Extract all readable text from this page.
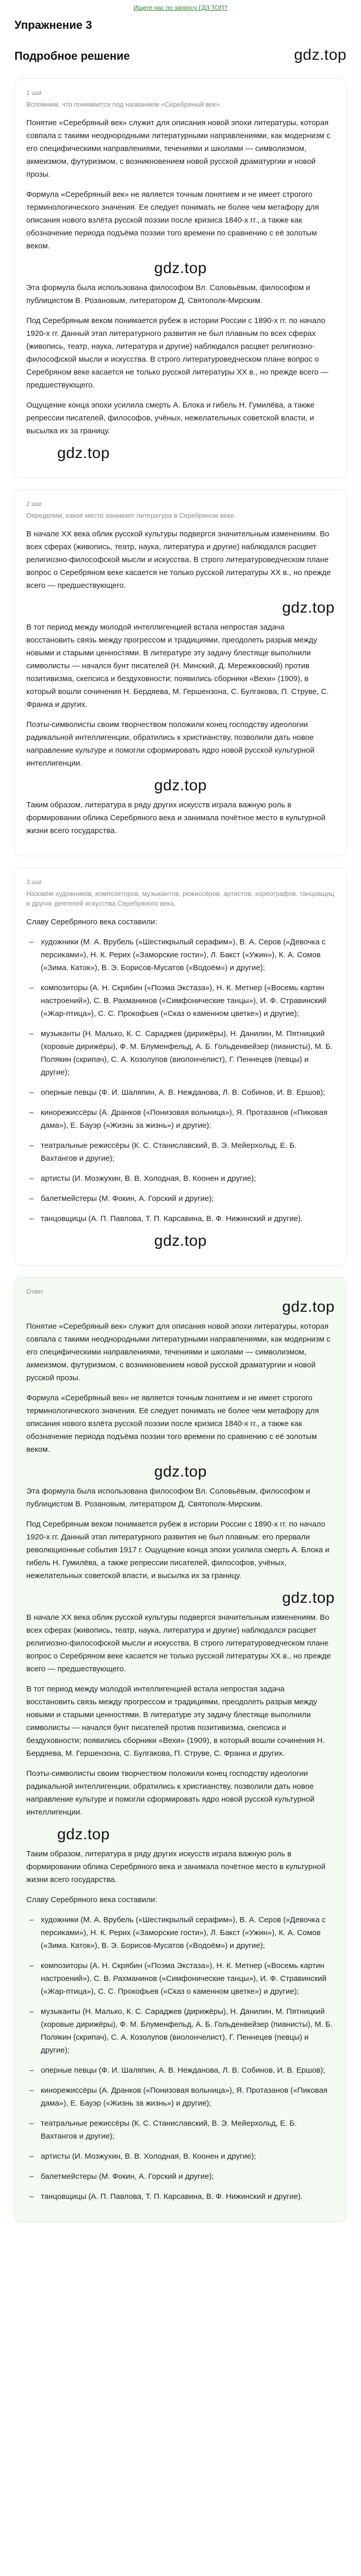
Ищете нас по запросу ГДЗ ТОП?
Упражнение 3
Подробное решение	gdz.top
1 шаг
Вспомним, что понимается под названием «Серебряный век».
Понятие «Серебряный век» служит для описания новой эпохи литературы, которая совпала с такими неоднородными литературными направлениями, как модернизм с его специфическими направлениями, течениями и школами — символизмом, акмеизмом, футуризмом, с возникновением новой русской драматургии и новой прозы.
Формула «Серебряный век» не является точным понятием и не имеет строгого терминологического значения. Ее следует понимать не более чем метафору для описания нового взлёта русской поэзии после кризиса 1840-х гг., а также как обозначение периода подъёма поэзии того времени по сравнению с её золотым веком.
gdz.top
Эта формула была использована философом Вл. Соловьёвым, философом и публицистом В. Розановым, литератором Д. Святополк-Мирским.
Под Серебряным веком понимается рубеж в истории России с 1890-х гг. по начало 1920-х гг. Данный этап литературного развития не был плавным по всех сферах (живопись, театр, наука, литература и другие) наблюдался расцвет религиозно-философской мысли и искусства. В строго литературоведческом плане вопрос о Серебряном веке касается не только русской литературы XX в., но прежде всего — предшествующего.
Ощущение конца эпохи усилила смерть А. Блока и гибель Н. Гумилёва, а также репрессии писателей, философов, учёных, нежелательных советской власти, и высылка их за границу.
gdz.top
2 шаг
Определим, какое место занимает литература в Серебряном веке.
В начале XX века облик русской культуры подвергся значительным изменениям. Во всех сферах (живопись, театр, наука, литература и другие) наблюдался расцвет религиозно-философской мысли и искусства. В строго литературоведческом плане вопрос о Серебряном веке касается не только русской литературы XX в., но прежде всего — предшествующего.
gdz.top
В тот период между молодой интеллигенцией встала непростая задача восстановить связь между прогрессом и традициями, преодолеть разрыв между новыми и старыми ценностями. В литературе эту задачу блестяще выполнили символисты — начался бунт писателей (Н. Минский, Д. Мережковский) против позитивизма, скепсиса и бездуховности; появились сборники «Вехи» (1909), в который вошли сочинения Н. Бердяева, М. Гершензона, С. Булгакова, П. Струве, С. Франка и других.
Поэты-символисты своим творчеством положили конец господству идеологии радикальной интеллигенции, обратились к христианству, позволили дать новое направление культуре и помогли сформировать ядро новой русской культурной интеллигенции.
gdz.top
Таким образом, литература в ряду других искусств играла важную роль в формировании облика Серебряного века и занимала почётное место в культурной жизни всего государства.
3 шаг
Назовём художников, композиторов, музыкантов, режиссёров, артистов, хореографов, танцовщиц и других деятелей искусства Серебряного века.
Славу Серебряного века составили:
– художники (М. А. Врубель («Шестикрылый серафим»), В. А. Серов («Девочка с персиками»), Н. К. Рерих («Заморские гости»), Л. Бакст («Ужин»), К. А. Сомов («Зима. Каток»), В. Э. Борисов-Мусатов («Водоём») и другие);
– композиторы (А. Н. Скрябин («Поэма Экстаза»), Н. К. Метнер («Восемь картин настроений»), С. В. Рахманинов («Симфонические танцы»), И. Ф. Стравинский («Жар-птица»), С. С. Прокофьев («Сказ о каменном цветке») и другие);
– музыканты (Н. Малько, К. С. Сараджев (дирижёры), Н. Данилин, М. Пятницкий (хоровые дирижёры), Ф. М. Блуменфельд, А. Б. Гольденвейзер (пианисты), М. Б. Полякин (скрипач), С. А. Козолупов (виолончелист), Г. Пеннецев (певцы) и другие);
– оперные певцы (Ф. И. Шаляпин, А. В. Нежданова, Л. В. Собинов, И. В. Ершов);
– кинорежиссёры (А. Дранков («Понизовая вольница»), Я. Протазанов («Пиковая дама»), Е. Бауэр («Жизнь за жизнь») и другие);
– театральные режиссёры (К. С. Станиславский, В. Э. Мейерхольд, Е. Б. Вахтангов и другие);
– артисты (И. Мозжухин, В. В. Холодная, В. Коонен и другие);
– балетмейстеры (М. Фокин, А. Горский и другие);
– танцовщицы (А. П. Павлова, Т. П. Карсавина, В. Ф. Нижинский и другие).
gdz.top
Ответ
gdz.top
Понятие «Серебряный век» служит для описания новой эпохи литературы, которая совпала с такими неоднородными литературными направлениями, как модернизм с его специфическими направлениями, течениями и школами — символизмом, акмеизмом, футуризмом, с возникновением новой русской драматургии и новой русской прозы.
Формула «Серебряный век» не является точным понятием и не имеет строгого терминологического значения. Её следует понимать не более чем метафору для описания нового взлёта русской поэзии после кризиса 1840-х гг., а также как обозначение периода подъёма поэзии того времени по сравнению с её золотым веком.
gdz.top
Эта формула была использована философом Вл. Соловьёвым, философом и публицистом В. Розановым, литератором Д. Святополк-Мирским.
Под Серебряным веком понимается рубеж в истории России с 1890-х гг. по начало 1920-х гг. Данный этап литературного развития не был плавным: его прервали революционные события 1917 г. Ощущение конца эпохи усилила смерть А. Блока и гибель Н. Гумилёва, а также репрессии писателей, философов, учёных, нежелательных советской власти, и высылка их за границу.
gdz.top
В начале XX века облик русской культуры подвергся значительным изменениям. Во всех сферах (живопись, театр, наука, литература и другие) наблюдался расцвет религиозно-философской мысли и искусства. В строго литературоведческом плане вопрос о Серебряном веке касается не только русской литературы XX в., но прежде всего — предшествующего.
В тот период между молодой интеллигенцией встала непростая задача восстановить связь между прогрессом и традициями, преодолеть разрыв между новыми и старыми ценностями. В литературе эту задачу блестяще выполнили символисты — начался бунт писателей против позитивизма, скепсиса и бездуховности; появились сборники «Вехи» (1909), в который вошли сочинения Н. Бердяева, М. Гершензона, С. Булгакова, П. Струве, С. Франка и других.
Поэты-символисты своим творчеством положили конец господству идеологии радикальной интеллигенции, обратились к христианству, позволили дать новое направление культуре и помогли сформировать ядро новой русской культурной интеллигенции.
gdz.top
Таким образом, литература в ряду других искусств играла важную роль в формировании облика Серебряного века и занимала почётное место в культурной жизни всего государства.
Славу Серебряного века составили:
– художники (М. А. Врубель («Шестикрылый серафим»), В. А. Серов («Девочка с персиками»), Н. К. Рерих («Заморские гости»), Л. Бакст («Ужин»), К. А. Сомов («Зима. Каток»), В. Э. Борисов-Мусатов («Водоём») и другие);
– композиторы (А. Н. Скрябин («Поэма Экстаза»), Н. К. Метнер («Восемь картин настроений»), С. В. Рахманинов («Симфонические танцы»), И. Ф. Стравинский («Жар-птица»), С. С. Прокофьев («Сказ о каменном цветке») и другие);
– музыканты (Н. Малько, К. С. Сараджев (дирижёры), Н. Данилин, М. Пятницкий (хоровые дирижёры), Ф. М. Блуменфельд, А. Б. Гольденвейзер (пианисты), М. Б. Полякин (скрипач), С. А. Козолупов (виолончелист), Г. Пеннецев (певцы) и другие);
– оперные певцы (Ф. И. Шаляпин, А. В. Нежданова, Л. В. Собинов, И. В. Ершов);
– кинорежиссёры (А. Дранков («Понизовая вольница»), Я. Протазанов («Пиковая дама»), Е. Бауэр («Жизнь за жизнь») и другие);
– театральные режиссёры (К. С. Станиславский, В. Э. Мейерхольд, Е. Б. Вахтангов и другие);
– артисты (И. Мозжухин, В. В. Холодная, В. Коонен и другие);
– балетмейстеры (М. Фокин, А. Горский и другие);
– танцовщицы (А. П. Павлова, Т. П. Карсавина, В. Ф. Нижинский и другие).
